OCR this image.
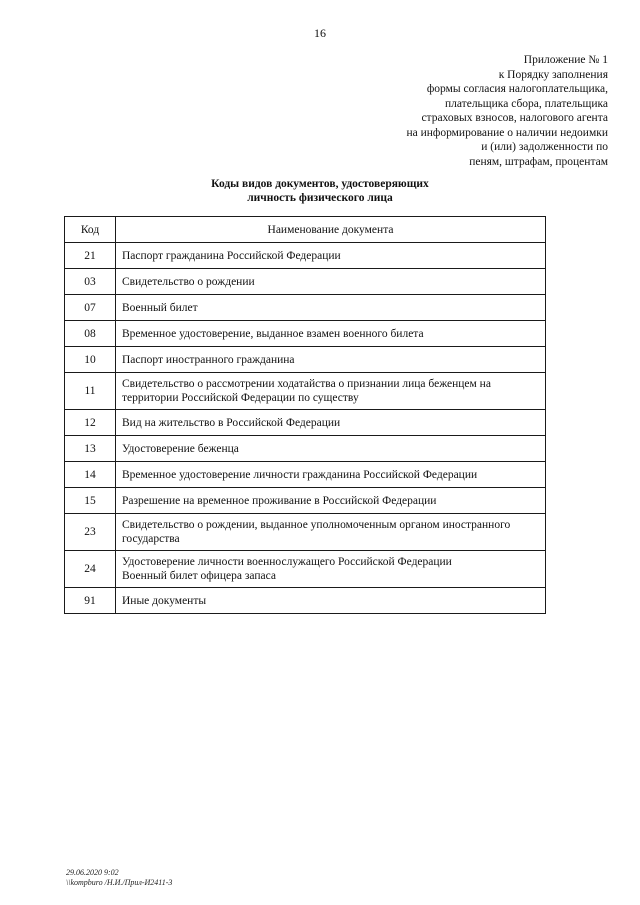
16
Приложение № 1
к Порядку заполнения
формы согласия налогоплательщика,
плательщика сбора, плательщика
страховых взносов, налогового агента
на информирование о наличии недоимки
и (или) задолженности по
пеням, штрафам, процентам
Коды видов документов, удостоверяющих
личность физического лица
Код	Наименование документа
21	Паспорт гражданина Российской Федерации
03	Свидетельство о рождении
07	Военный билет
08	Временное удостоверение, выданное взамен военного билета
10	Паспорт иностранного гражданина
11	Свидетельство о рассмотрении ходатайства о признании лица беженцем на территории Российской Федерации по существу
12	Вид на жительство в Российской Федерации
13	Удостоверение беженца
14	Временное удостоверение личности гражданина Российской Федерации
15	Разрешение на временное проживание в Российской Федерации
23	Свидетельство о рождении, выданное уполномоченным органом иностранного государства
24	Удостоверение личности военнослужащего Российской Федерации
Военный билет офицера запаса

91	Иные документы
29.06.2020 9:02
\\kompburo /Н.И./Прил-И2411-3
